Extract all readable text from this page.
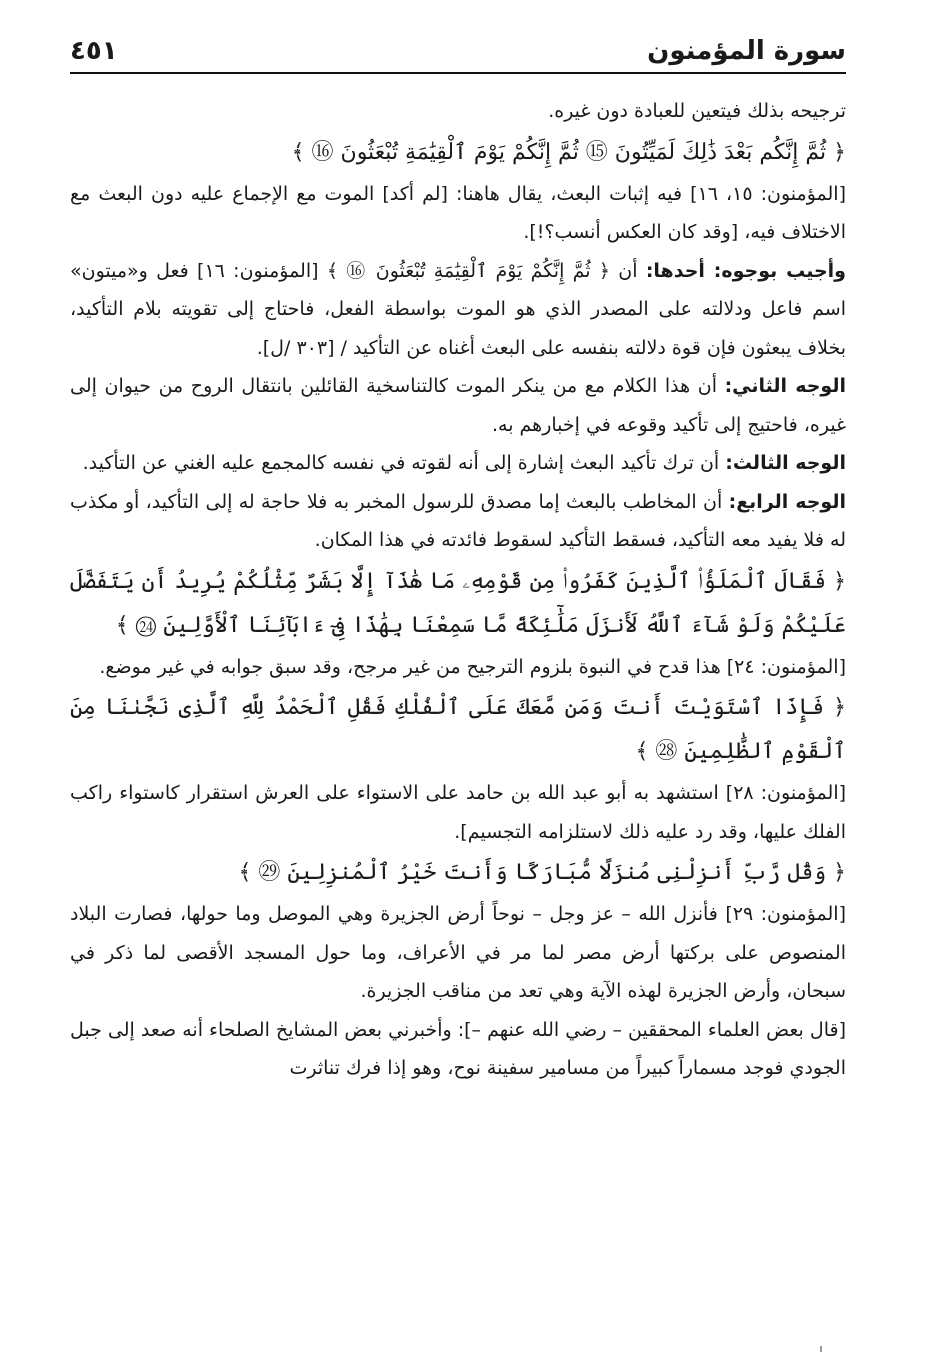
سورة المؤمنون
٤٥١

ترجيحه بذلك فيتعين للعبادة دون غيره.

﴿ ثُمَّ إِنَّكُم بَعْدَ ذَٰلِكَ لَمَيِّتُونَ ⑮ ثُمَّ إِنَّكُمْ يَوْمَ ٱلْقِيَٰمَةِ تُبْعَثُونَ ⑯ ﴾

[المؤمنون: ١٥، ١٦] فيه إثبات البعث، يقال هاهنا: [لم أكد] الموت مع الإجماع عليه دون البعث مع الاختلاف فيه، [وقد كان العكس أنسب؟!].

وأجيب بوجوه: أحدها: أن ﴿ ثُمَّ إِنَّكُمْ يَوْمَ ٱلْقِيَٰمَةِ تُبْعَثُونَ ⑯ ﴾ [المؤمنون: ١٦] فعل و«ميتون» اسم فاعل ودلالته على المصدر الذي هو الموت بواسطة الفعل، فاحتاج إلى تقويته بلام التأكيد، بخلاف يبعثون فإن قوة دلالته بنفسه على البعث أغناه عن التأكيد / [٣٠٣ /ل].

الوجه الثاني: أن هذا الكلام مع من ينكر الموت كالتناسخية القائلين بانتقال الروح من حيوان إلى غيره، فاحتيج إلى تأكيد وقوعه في إخبارهم به.

الوجه الثالث: أن ترك تأكيد البعث إشارة إلى أنه لقوته في نفسه كالمجمع عليه الغني عن التأكيد.

الوجه الرابع: أن المخاطب بالبعث إما مصدق للرسول المخبر به فلا حاجة له إلى التأكيد، أو مكذب له فلا يفيد معه التأكيد، فسقط التأكيد لسقوط فائدته في هذا المكان.

﴿ فَقَالَ ٱلْمَلَؤُا۟ ٱلَّذِينَ كَفَرُوا۟ مِن قَوْمِهِۦ مَا هَٰذَآ إِلَّا بَشَرٌ مِّثْلُكُمْ يُرِيدُ أَن يَتَفَضَّلَ عَلَيْكُمْ وَلَوْ شَآءَ ٱللَّهُ لَأَنزَلَ مَلَٰٓئِكَةً مَّا سَمِعْنَا بِهَٰذَا فِىٓ ءَابَآئِنَا ٱلْأَوَّلِينَ ㉔ ﴾

[المؤمنون: ٢٤] هذا قدح في النبوة بلزوم الترجيح من غير مرجح، وقد سبق جوابه في غير موضع.

﴿ فَإِذَا ٱسْتَوَيْتَ أَنتَ وَمَن مَّعَكَ عَلَى ٱلْفُلْكِ فَقُلِ ٱلْحَمْدُ لِلَّهِ ٱلَّذِى نَجَّىٰنَا مِنَ ٱلْقَوْمِ ٱلظَّٰلِمِينَ ㉘ ﴾

[المؤمنون: ٢٨] استشهد به أبو عبد الله بن حامد على الاستواء على العرش استقرار كاستواء راكب الفلك عليها، وقد رد عليه ذلك لاستلزامه التجسيم].

﴿ وَقُل رَّبِّ أَنزِلْنِى مُنزَلًا مُّبَارَكًا وَأَنتَ خَيْرُ ٱلْمُنزِلِينَ ㉙ ﴾

[المؤمنون: ٢٩] فأنزل الله – عز وجل – نوحاً أرض الجزيرة وهي الموصل وما حولها، فصارت البلاد المنصوص على بركتها أرض مصر لما مر في الأعراف، وما حول المسجد الأقصى لما ذكر في سبحان، وأرض الجزيرة لهذه الآية وهي تعد من مناقب الجزيرة.

[قال بعض العلماء المحققين – رضي الله عنهم –]: وأخبرني بعض المشايخ الصلحاء أنه صعد إلى جبل الجودي فوجد مسماراً كبيراً من مسامير سفينة نوح، وهو إذا فرك تناثرت
